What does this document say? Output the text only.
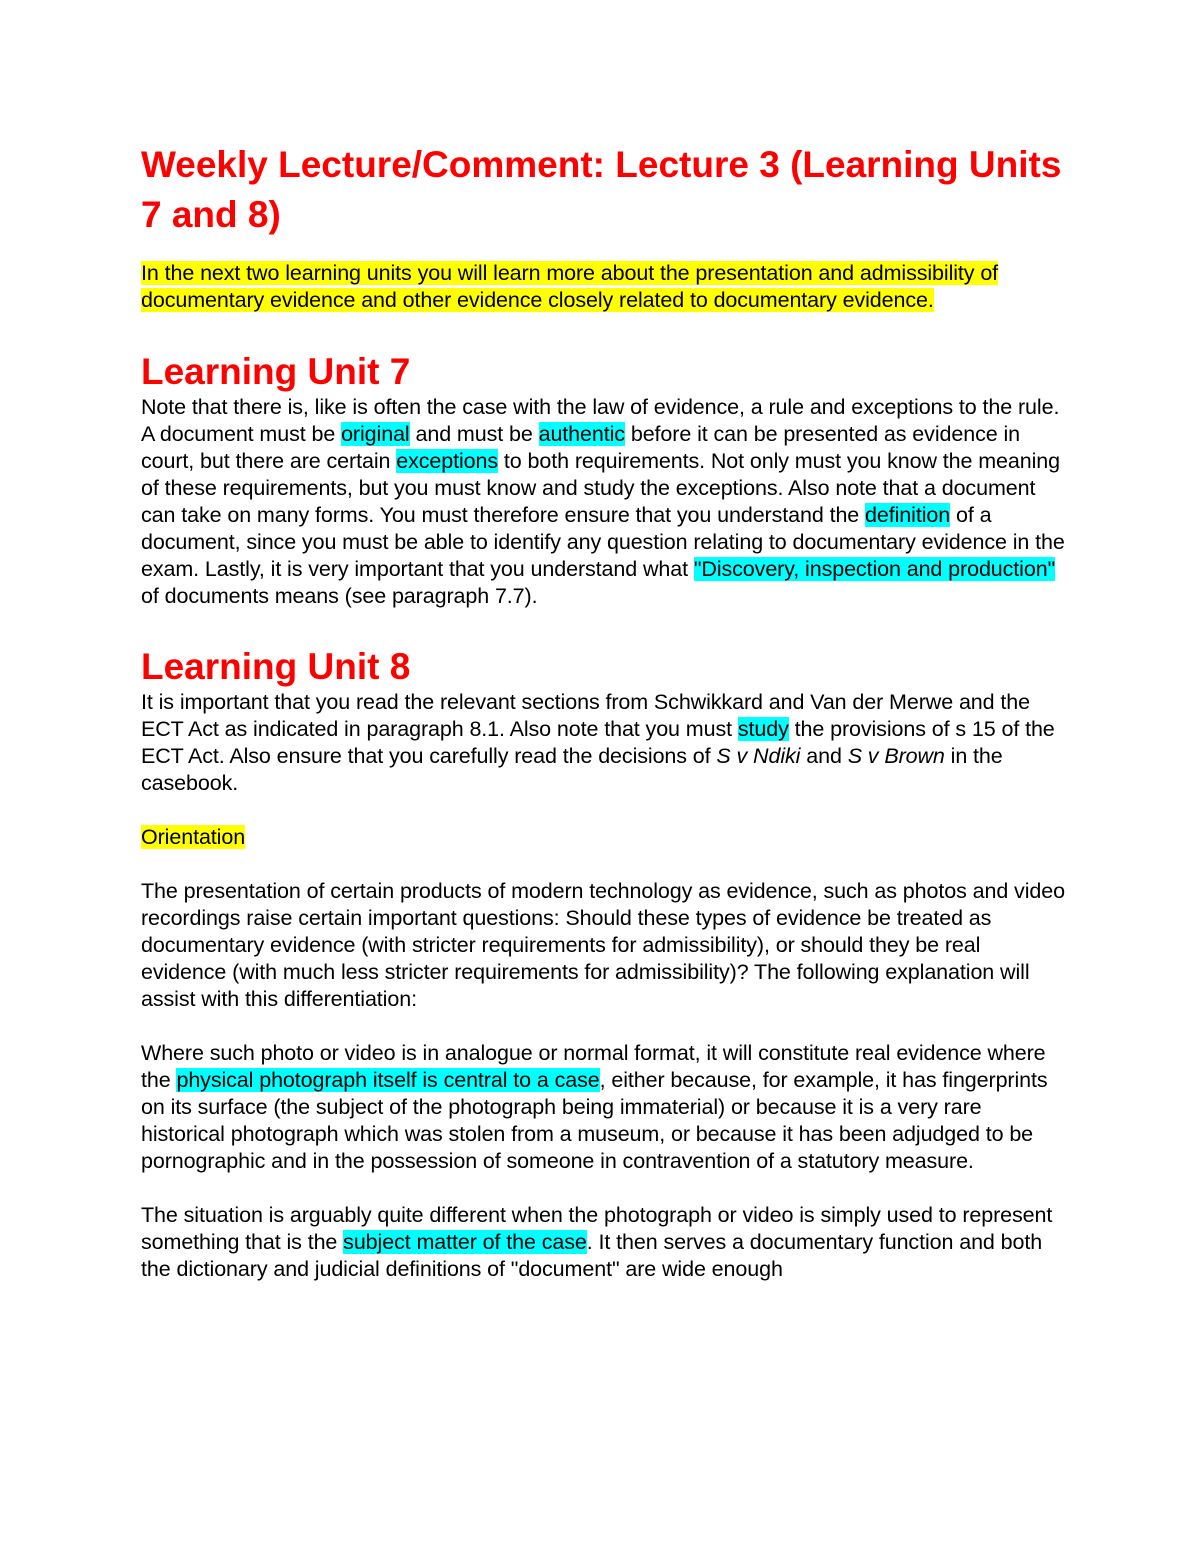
Weekly Lecture/Comment: Lecture 3 (Learning Units 7 and 8)

In the next two learning units you will learn more about the presentation and admissibility of documentary evidence and other evidence closely related to documentary evidence.

Learning Unit 7

Note that there is, like is often the case with the law of evidence, a rule and exceptions to the rule. A document must be original and must be authentic before it can be presented as evidence in court, but there are certain exceptions to both requirements. Not only must you know the meaning of these requirements, but you must know and study the exceptions. Also note that a document can take on many forms. You must therefore ensure that you understand the definition of a document, since you must be able to identify any question relating to documentary evidence in the exam. Lastly, it is very important that you understand what "Discovery, inspection and production" of documents means (see paragraph 7.7).

Learning Unit 8

It is important that you read the relevant sections from Schwikkard and Van der Merwe and the ECT Act as indicated in paragraph 8.1. Also note that you must study the provisions of s 15 of the ECT Act. Also ensure that you carefully read the decisions of S v Ndiki and S v Brown in the casebook.

Orientation

The presentation of certain products of modern technology as evidence, such as photos and video recordings raise certain important questions: Should these types of evidence be treated as documentary evidence (with stricter requirements for admissibility), or should they be real evidence (with much less stricter requirements for admissibility)? The following explanation will assist with this differentiation:

Where such photo or video is in analogue or normal format, it will constitute real evidence where the physical photograph itself is central to a case, either because, for example, it has fingerprints on its surface (the subject of the photograph being immaterial) or because it is a very rare historical photograph which was stolen from a museum, or because it has been adjudged to be pornographic and in the possession of someone in contravention of a statutory measure.

The situation is arguably quite different when the photograph or video is simply used to represent something that is the subject matter of the case. It then serves a documentary function and both the dictionary and judicial definitions of "document" are wide enough
